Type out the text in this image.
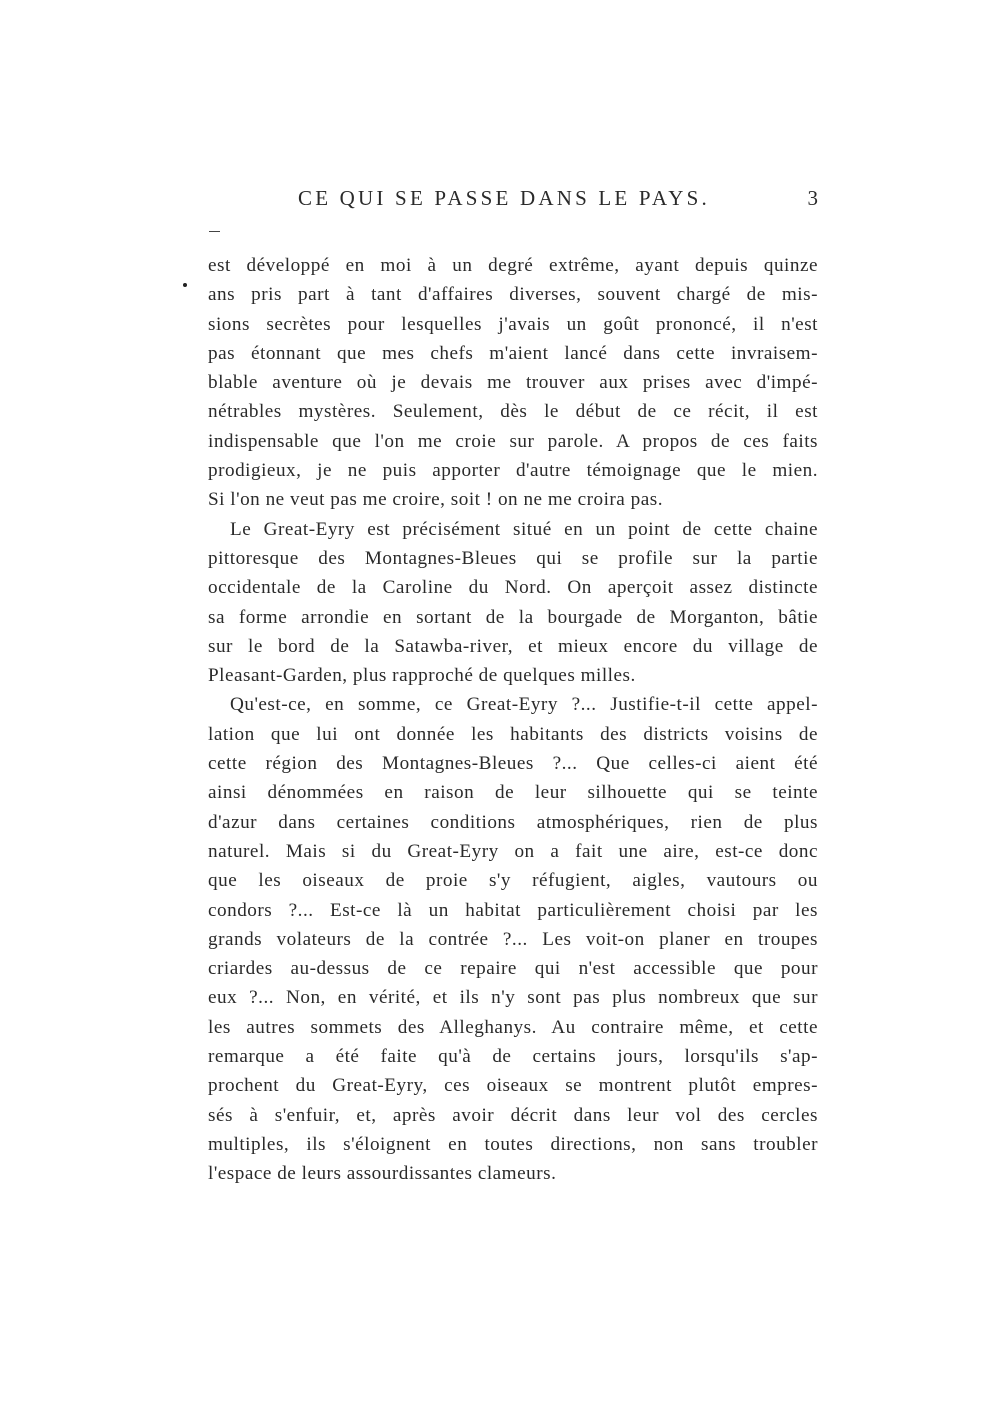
CE QUI SE PASSE DANS LE PAYS.	3
est développé en moi à un degré extrême, ayant depuis quinze
ans pris part à tant d'affaires diverses, souvent chargé de mis-
sions secrètes pour lesquelles j'avais un goût prononcé, il n'est
pas étonnant que mes chefs m'aient lancé dans cette invraisem-
blable aventure où je devais me trouver aux prises avec d'impé-
nétrables mystères. Seulement, dès le début de ce récit, il est
indispensable que l'on me croie sur parole. A propos de ces faits
prodigieux, je ne puis apporter d'autre témoignage que le mien.
Si l'on ne veut pas me croire, soit ! on ne me croira pas.
Le Great-Eyry est précisément situé en un point de cette chaine
pittoresque des Montagnes-Bleues qui se profile sur la partie
occidentale de la Caroline du Nord. On aperçoit assez distincte
sa forme arrondie en sortant de la bourgade de Morganton, bâtie
sur le bord de la Satawba-river, et mieux encore du village de
Pleasant-Garden, plus rapproché de quelques milles.
Qu'est-ce, en somme, ce Great-Eyry ?... Justifie-t-il cette appel-
lation que lui ont donnée les habitants des districts voisins de
cette région des Montagnes-Bleues ?... Que celles-ci aient été
ainsi dénommées en raison de leur silhouette qui se teinte
d'azur dans certaines conditions atmosphériques, rien de plus
naturel. Mais si du Great-Eyry on a fait une aire, est-ce donc
que les oiseaux de proie s'y réfugient, aigles, vautours ou
condors ?... Est-ce là un habitat particulièrement choisi par les
grands volateurs de la contrée ?... Les voit-on planer en troupes
criardes au-dessus de ce repaire qui n'est accessible que pour
eux ?... Non, en vérité, et ils n'y sont pas plus nombreux que sur
les autres sommets des Alleghanys. Au contraire même, et cette
remarque a été faite qu'à de certains jours, lorsqu'ils s'ap-
prochent du Great-Eyry, ces oiseaux se montrent plutôt empres-
sés à s'enfuir, et, après avoir décrit dans leur vol des cercles
multiples, ils s'éloignent en toutes directions, non sans troubler
l'espace de leurs assourdissantes clameurs.
